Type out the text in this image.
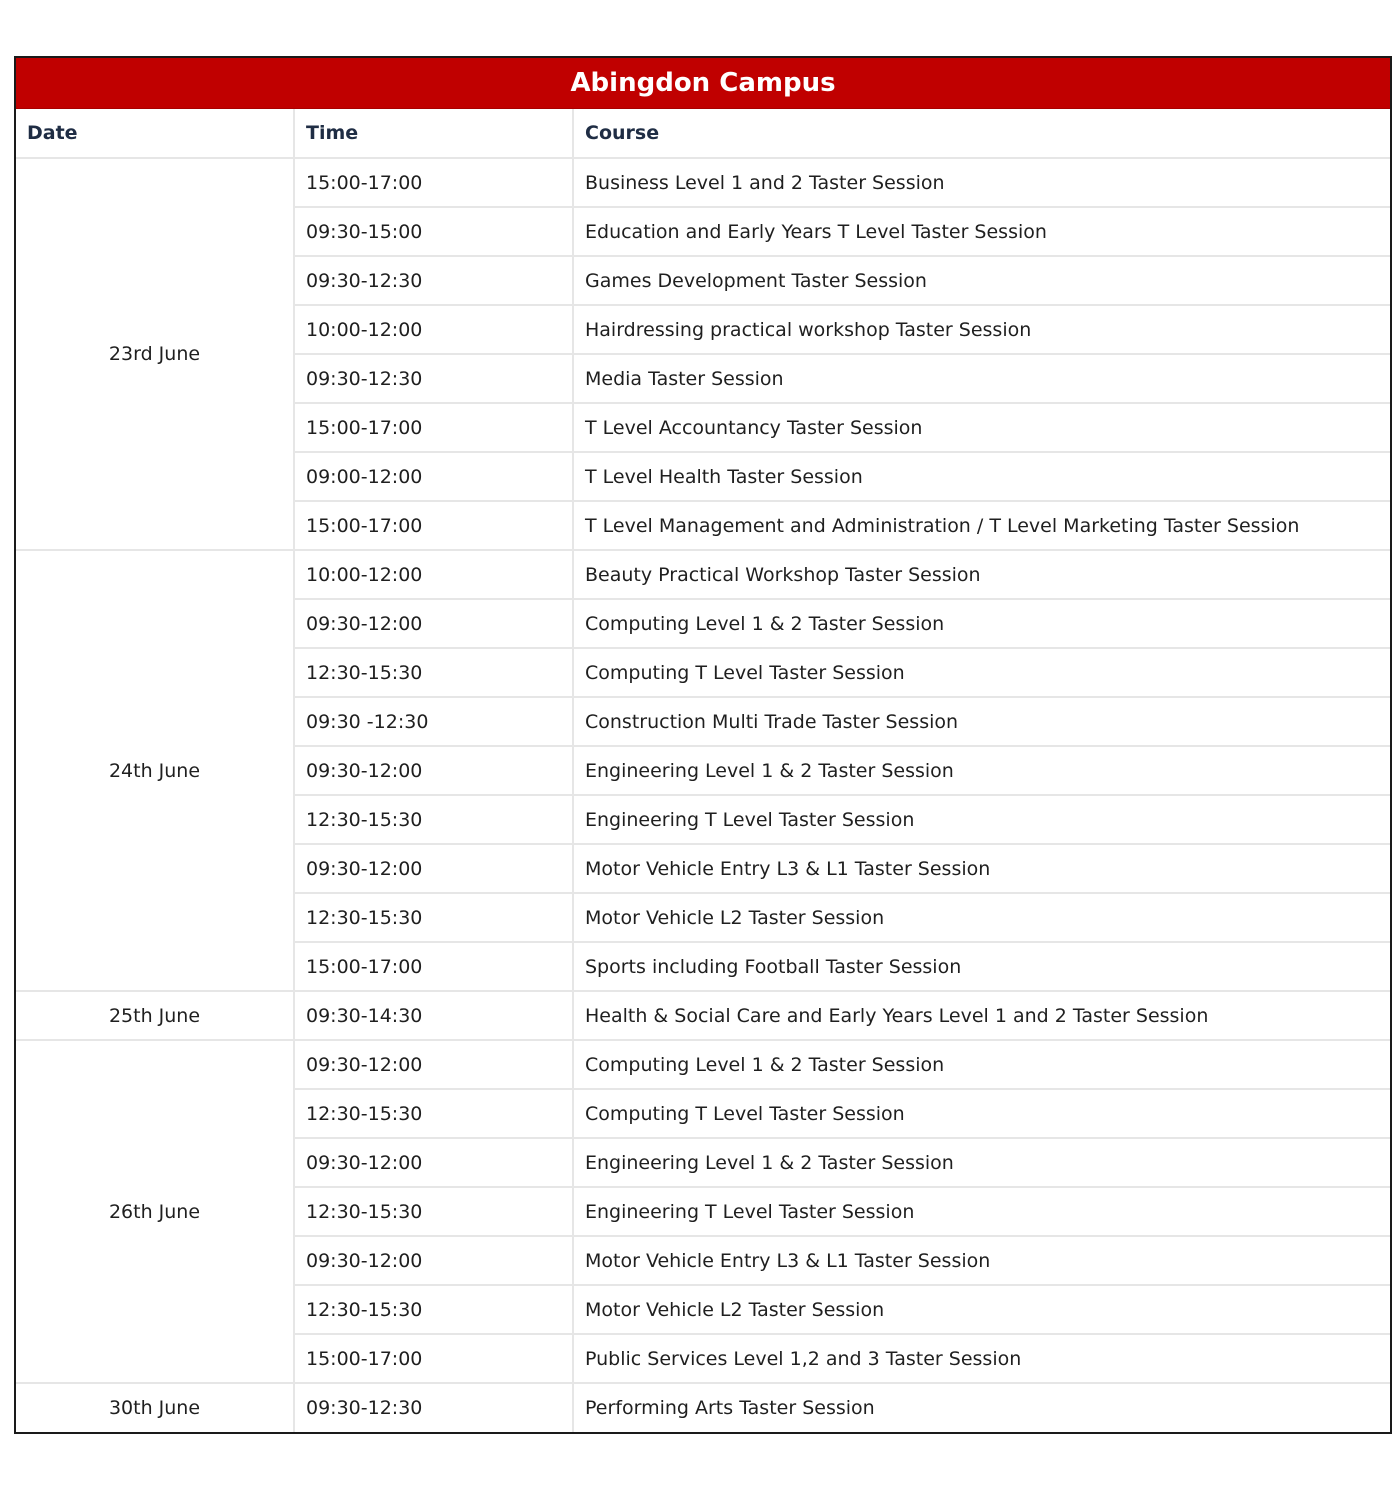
Abingdon Campus
Date	Time	Course
23rd June	15:00-17:00	Business Level 1 and 2 Taster Session
	09:30-15:00	Education and Early Years T Level Taster Session
	09:30-12:30	Games Development Taster Session
	10:00-12:00	Hairdressing practical workshop Taster Session
	09:30-12:30	Media Taster Session
	15:00-17:00	T Level Accountancy Taster Session
	09:00-12:00	T Level Health Taster Session
	15:00-17:00	T Level Management and Administration / T Level Marketing Taster Session
24th June	10:00-12:00	Beauty Practical Workshop Taster Session
	09:30-12:00	Computing Level 1 & 2 Taster Session
	12:30-15:30	Computing T Level Taster Session
	09:30 -12:30	Construction Multi Trade Taster Session
	09:30-12:00	Engineering Level 1 & 2 Taster Session
	12:30-15:30	Engineering T Level Taster Session
	09:30-12:00	Motor Vehicle Entry L3 & L1 Taster Session
	12:30-15:30	Motor Vehicle L2 Taster Session
	15:00-17:00	Sports including Football Taster Session
25th June	09:30-14:30	Health & Social Care and Early Years Level 1 and 2 Taster Session
26th June	09:30-12:00	Computing Level 1 & 2 Taster Session
	12:30-15:30	Computing T Level Taster Session
	09:30-12:00	Engineering Level 1 & 2 Taster Session
	12:30-15:30	Engineering T Level Taster Session
	09:30-12:00	Motor Vehicle Entry L3 & L1 Taster Session
	12:30-15:30	Motor Vehicle L2 Taster Session
	15:00-17:00	Public Services Level 1,2 and 3 Taster Session
30th June	09:30-12:30	Performing Arts Taster Session
